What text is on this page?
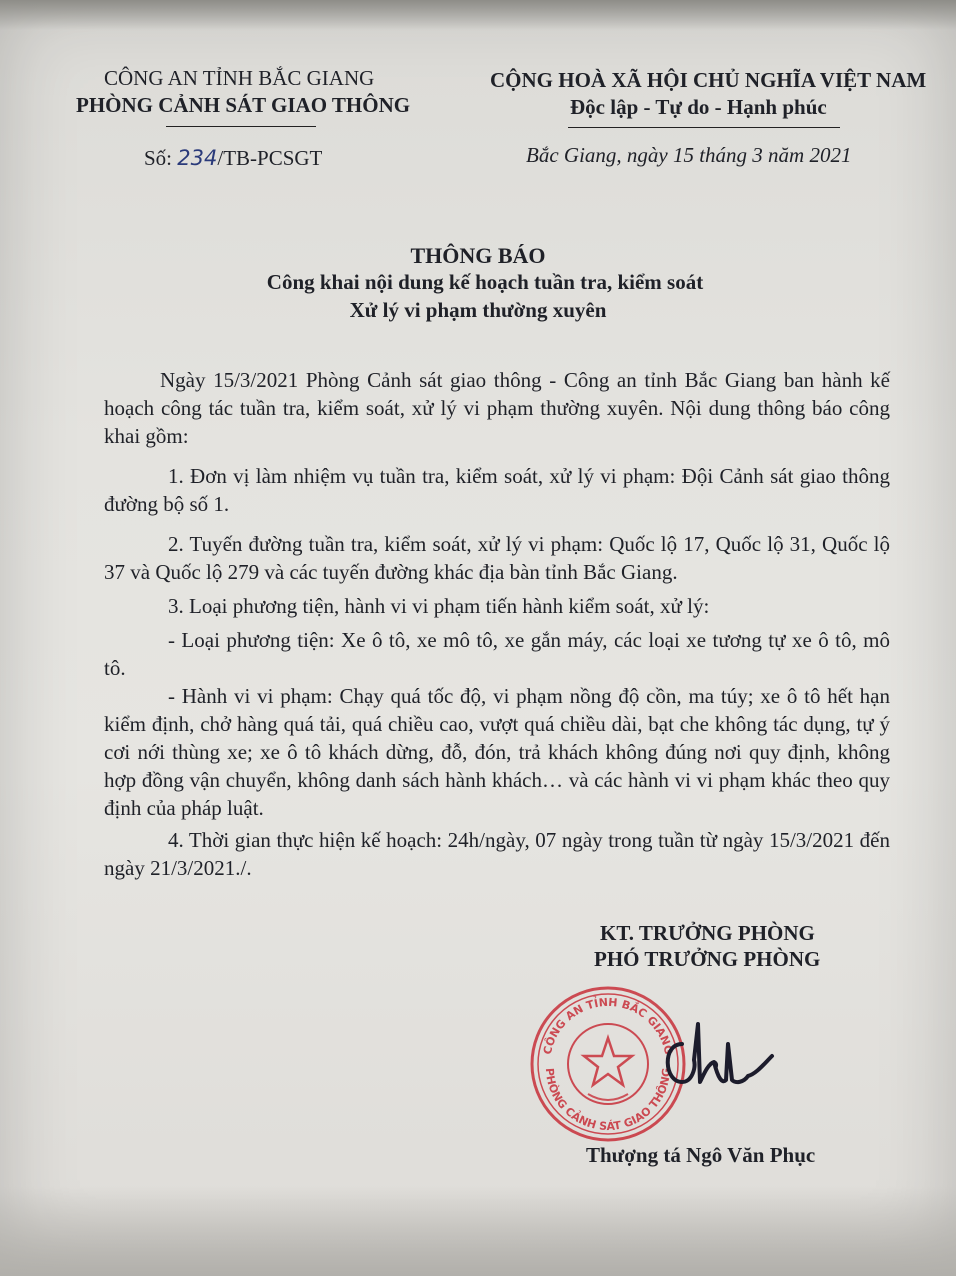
CÔNG AN TỈNH BẮC GIANG
PHÒNG CẢNH SÁT GIAO THÔNG
Số: 234/TB-PCSGT
CỘNG HOÀ XÃ HỘI CHỦ NGHĨA VIỆT NAM
Độc lập - Tự do - Hạnh phúc
Bắc Giang, ngày 15 tháng 3 năm 2021
THÔNG BÁO
Công khai nội dung kế hoạch tuần tra, kiểm soát
Xử lý vi phạm thường xuyên
Ngày 15/3/2021 Phòng Cảnh sát giao thông - Công an tỉnh Bắc Giang ban hành kế hoạch công tác tuần tra, kiểm soát, xử lý vi phạm thường xuyên. Nội dung thông báo công khai gồm:
1. Đơn vị làm nhiệm vụ tuần tra, kiểm soát, xử lý vi phạm: Đội Cảnh sát giao thông đường bộ số 1.
2. Tuyến đường tuần tra, kiểm soát, xử lý vi phạm: Quốc lộ 17, Quốc lộ 31, Quốc lộ 37 và Quốc lộ 279 và các tuyến đường khác địa bàn tỉnh Bắc Giang.
3. Loại phương tiện, hành vi vi phạm tiến hành kiểm soát, xử lý:
- Loại phương tiện: Xe ô tô, xe mô tô, xe gắn máy, các loại xe tương tự xe ô tô, mô tô.
- Hành vi vi phạm: Chạy quá tốc độ, vi phạm nồng độ cồn, ma túy; xe ô tô hết hạn kiểm định, chở hàng quá tải, quá chiều cao, vượt quá chiều dài, bạt che không tác dụng, tự ý cơi nới thùng xe; xe ô tô khách dừng, đỗ, đón, trả khách không đúng nơi quy định, không hợp đồng vận chuyển, không danh sách hành khách… và các hành vi vi phạm khác theo quy định của pháp luật.
4. Thời gian thực hiện kế hoạch: 24h/ngày, 07 ngày trong tuần từ ngày 15/3/2021 đến ngày 21/3/2021./.
KT. TRƯỞNG PHÒNG
PHÓ TRƯỞNG PHÒNG
CÔNG AN TỈNH BẮC GIANG
PHÒNG CẢNH SÁT GIAO THÔNG
Thượng tá Ngô Văn Phục
